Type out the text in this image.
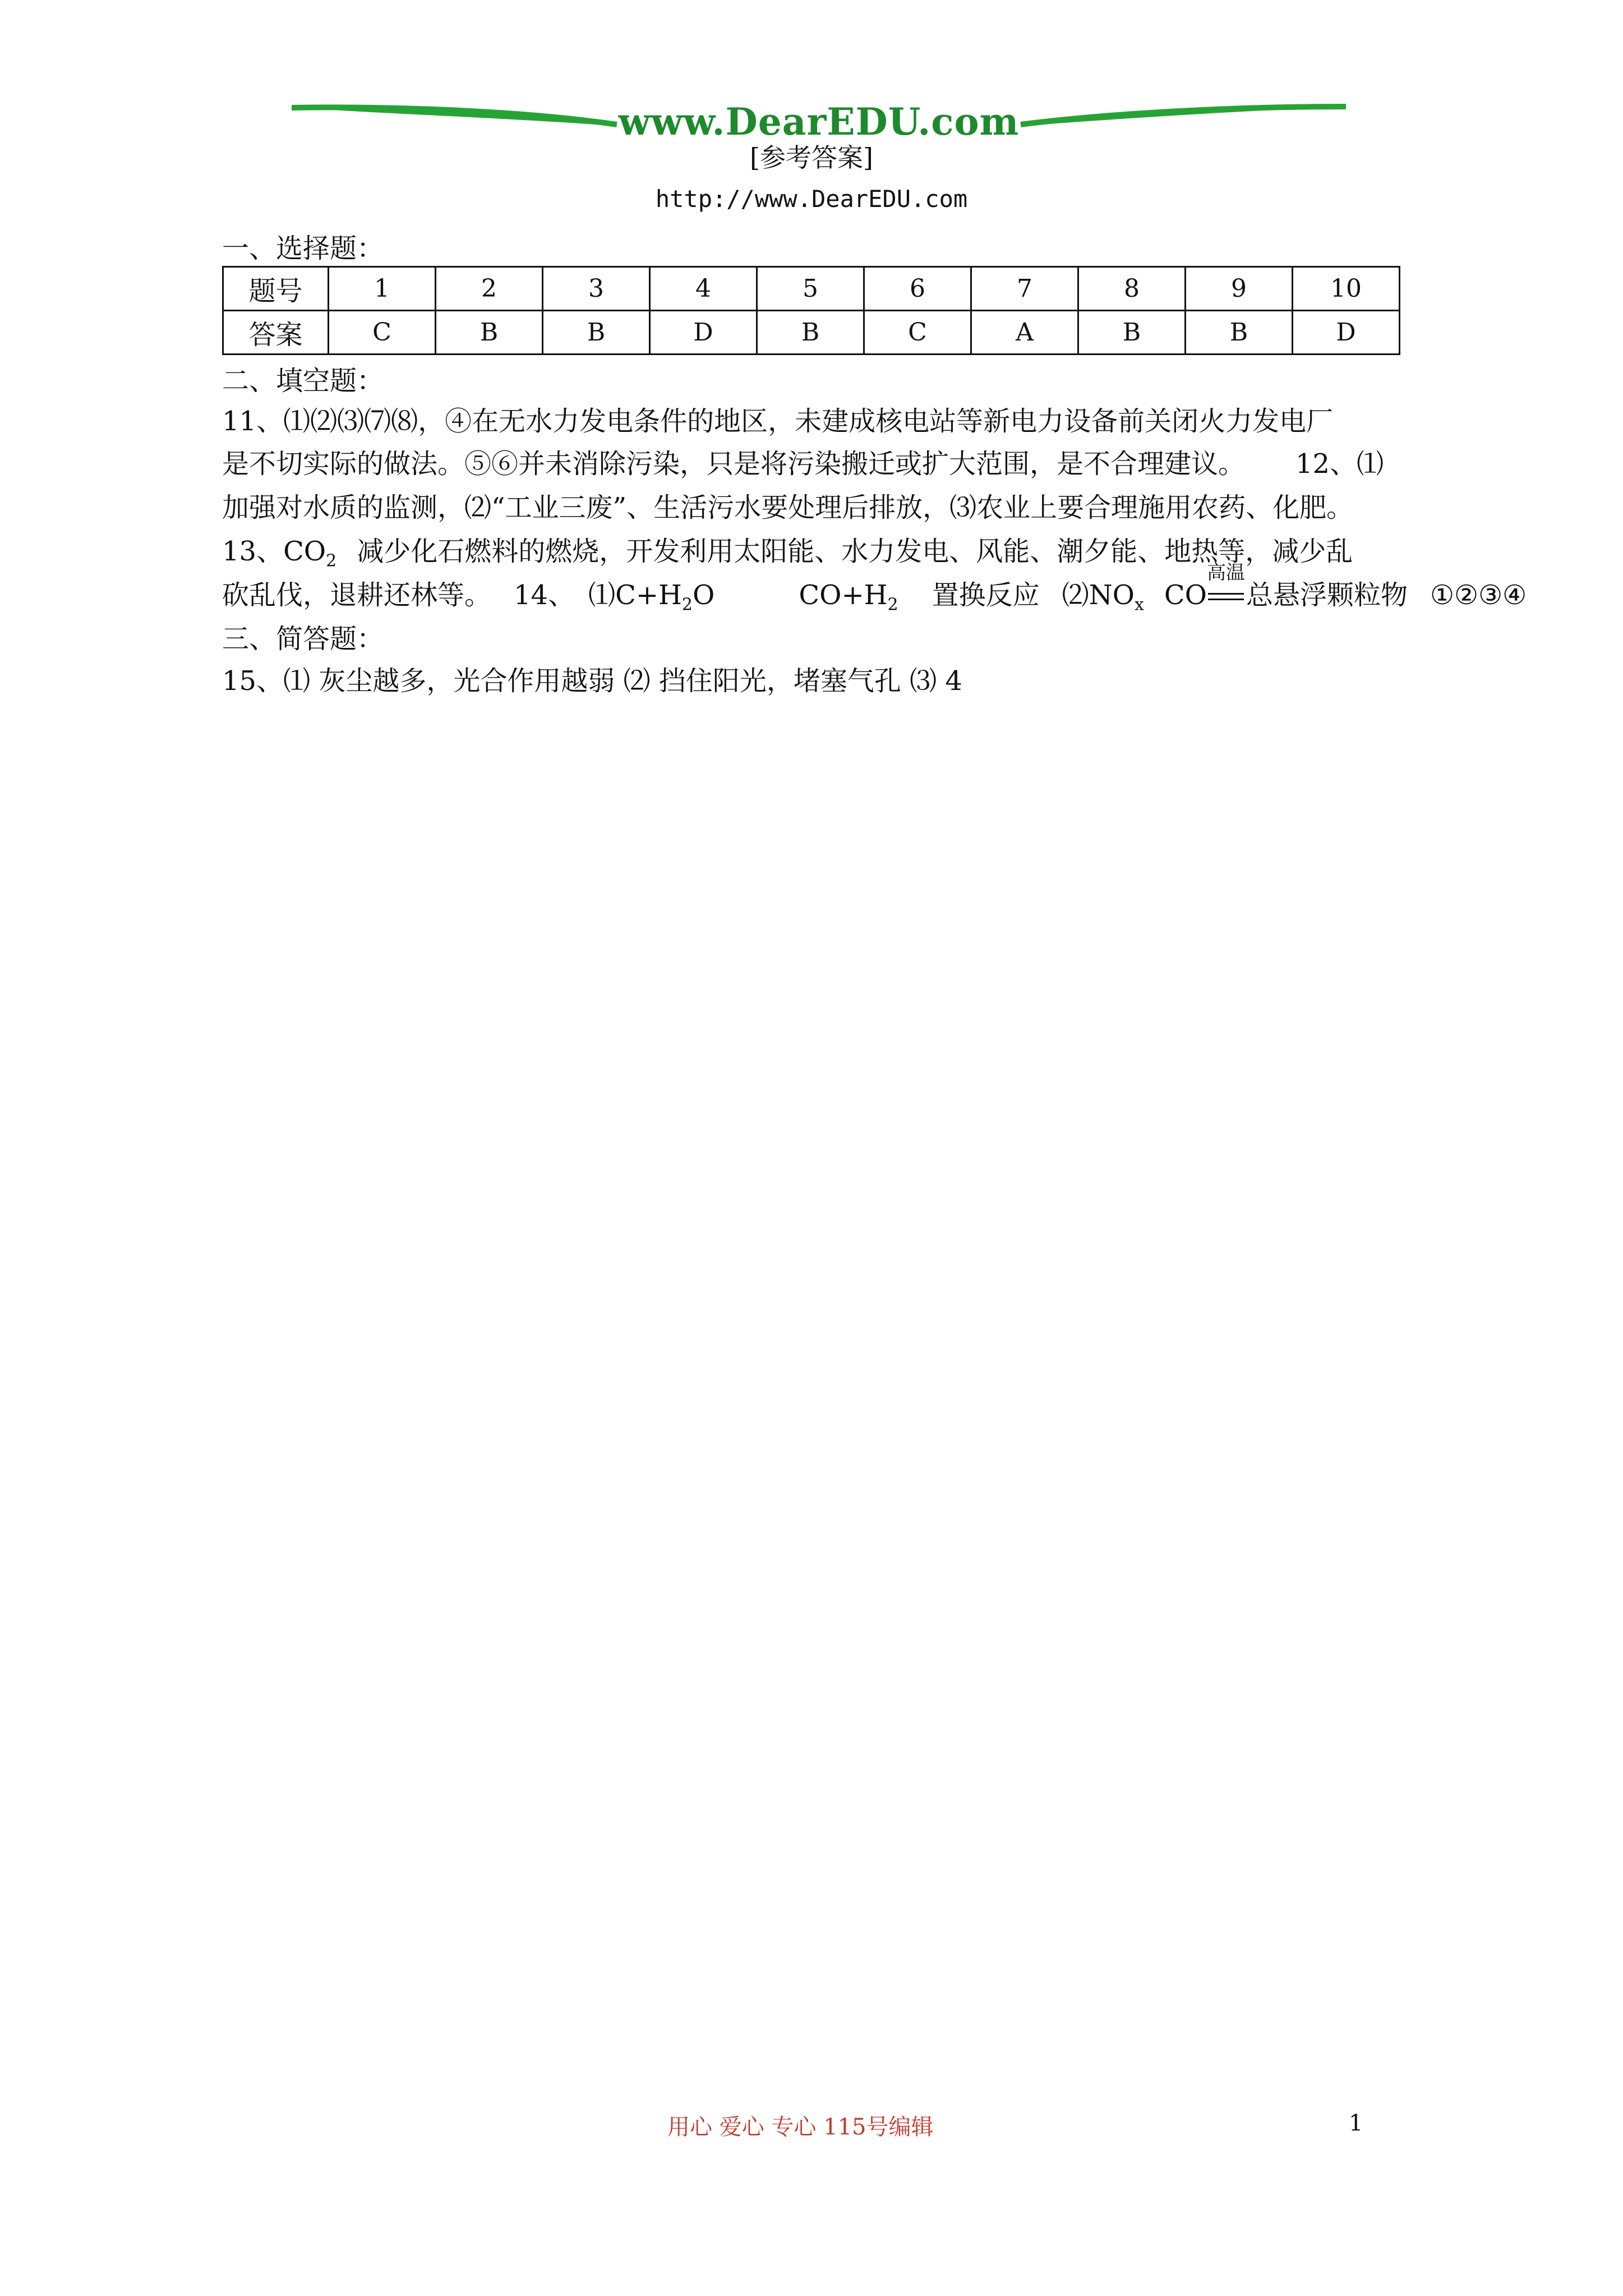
www.DearEDU.com
[参考答案]
http://www.DearEDU.com
一、选择题：
题号	1	2	3	4	5	6	7	8	9	10
答案	C	B	B	D	B	C	A	B	B	D
二、填空题：
11、⑴⑵⑶⑺⑻，④在无水力发电条件的地区，未建成核电站等新电力设备前关闭火力发电厂
是不切实际的做法。⑤⑥并未消除污染，只是将污染搬迁或扩大范围，是不合理建议。 12、⑴
加强对水质的监测，⑵“工业三废”、生活污水要处理后排放，⑶农业上要合理施用农药、化肥。
13、$CO_2$ 减少化石燃料的燃烧，开发利用太阳能、水力发电、风能、潮夕能、地热等，减少乱
砍乱伐，退耕还林等。 14、 $⑴C+H_2O$	$CO+H_2$ 置换反应 $⑵NO_x$ CO
高温
总悬浮颗粒物 ①②③④
三、简答题：
15、⑴ 灰尘越多，光合作用越弱 ⑵ 挡住阳光，堵塞气孔 ⑶ 4
用心 爱心 专心 115号编辑	1
